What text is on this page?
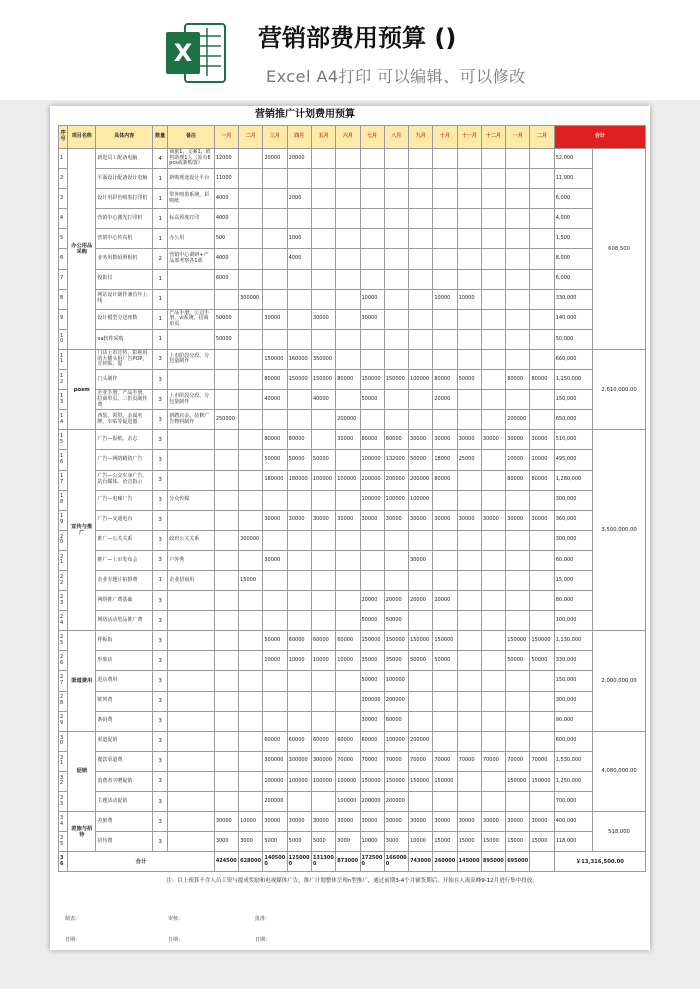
X
营销部费用预算 ()
Excel A4打印 可以编辑、可以修改
营销推广计划费用预算
序号	项目名称	具体内容	数量	备注	一月	二月	三月	四月	五月	六月	七月	八月	九月	十月	十一月	十二月	一月	二月	合计	
1	办公用品采购	新进员工配备电脑	4	商旅1、文案1、销售助理1人（原有6pcs或新购置）	12000		20000	20000											52,000	608,500
2		平面设计配备设计电脑	1	新购现途设计平台	11000														11,000	
3		设计用彩色喷墨打印机	1	带外喷墨系统、彩喷纸	4000			2000											6,000	
4		营销中心激光打印机	1	标高预度打印	4000														4,000	
5		营销中心传真机	1	办公用	500			1000											1,500	
6		业务用数码照相机	2	营销中心调研+产品部考察各1部	4000			4000											8,000	
7		投影仪	1		6000														6,000	
8		网站设计制作兼首年上线	1			300000					10000			10000	10000				330,000	
9		设计模型分送座数	1	产品手册、公司手册、vi系统、招商单页	50000		30000		30000		30000								140,000	
10		oa软件采购	1		50000														50,000	
11	posm	门店上市宣传、影视用的大横头用广告POP，宣传贴、提	3	上市阶段分段、分包量制作			150000	160000	350000										660,000	2,610,000.00
12		门头制作	3				80000	150000	150000	80000	150000	150000	100000	80000	50000		80000	80000	1,150,000	
13		企业手册、产品手册、招商单页、三折页制作费	3	上市阶段分段、分包量制作			40000		40000		50000			20000					150,000	
14		西装、领带、金属名牌、车贴等促进器	3	新聘店金、装修广告物料制作	250000					200000							200000		650,000	
15	宣传与推广	广告—报纸、杂志	3				80000	80000		30000	80000	80000	30000	30000	30000	30000	30000	30000	510,000	3,500,000.00
16		广告—网络精资广告	3				50000	50000	50000		100000	132000	50000	18000	25000		10000	10000	495,000	
17		广告—公交车身广告、站台媒体、语音指示	3				180000	180000	100000	100000	200000	200000	200000	80000			80000	80000	1,280,000	
18		广告—电梯广告	3	分众传媒							100000	100000	100000						300,000	
19		广告—交通电台	3				30000	30000	30000	30000	30000	30000	30000	30000	30000	30000	30000	30000	360,000	
20		推广—公关关系	3	政府公关关系		300000													300,000	
21		推广—上市发布会	3	户外秀			30000						30000						60,000	
22		企业专题片拍摄费	1	企业招商用		15000													15,000	
23		网络推广费基础	3								20000	20000	20000	20000					80,000	
24		网络活动奖品推广费	3								50000	50000							100,000	
25	渠道费用	样板街	3				50000	60000	60000	60000	150000	150000	150000	150000			150000	150000	1,130,000	2,000,000.00
26		形象店	3				10000	10000	10000	10000	35000	35000	50000	50000			50000	50000	330,000	
27		进店费用	3								50000	100000							150,000	
28		陈列费	3								100000	200000							300,000	
29		条码费	3								30000	60000							90,000	
30	促销	渠道促销	3				60000	60000	60000	60000	60000	100000	200000						600,000	4,080,000.00
31		餐饮渠道费	3				300000	300000	300000	70000	70000	70000	70000	70000	70000	70000	70000	70000	1,530,000	
32		消费者买赠促销	3				100000	100000	100000	100000	150000	150000	150000	150000			150000	150000	1,250,000	
33		主题活动促销	3				200000			100000	200000	200000							700,000	
34	差旅与招待	差旅费	3		30000	10000	30000	30000	30000	30000	30000	30000	30000	30000	30000	30000	30000	30000	400,000	518,000
35		招待费	3		3000	3000	5000	5000	5000	3000	10000	3000	10000	15000	15000	15000	15000	15000	118,000	
36	合计				424500	628000	1405000	1250000	1313000	873000	1725000	1660000	743000	260000	145000	895000	695000		￥13,316,500.00	
注：以上预算不含人员工资与提成奖励和电视媒体广告，推广计划整体呈现n型推广，通过前期3-4个月铺货期后，开始在人流高峰9-12月进行集中投放。
制表：	审核：	批准：
日期：	日期：	日期：
